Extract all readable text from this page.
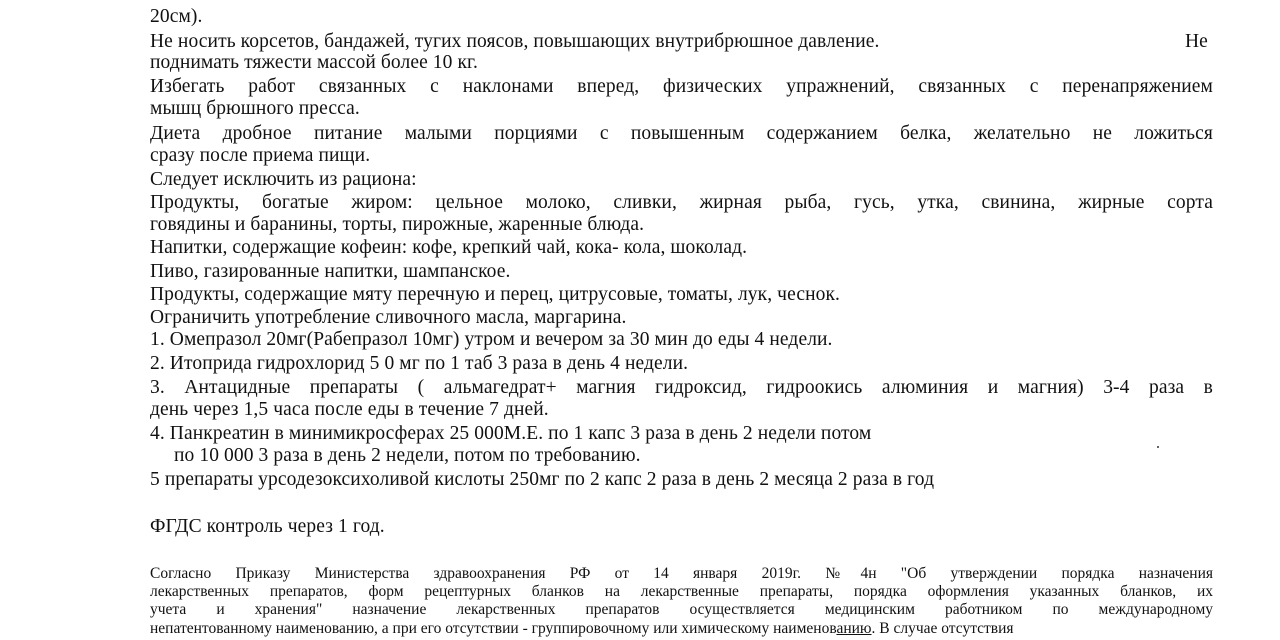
20см).
Не носить корсетов, бандажей, тугих поясов, повышающих внутрибрюшное давление.	Не
поднимать тяжести массой более 10 кг.
Избегать работ связанных с наклонами вперед, физических упражнений, связанных с перенапряжением
мышц брюшного пресса.
Диета дробное питание малыми порциями с повышенным содержанием белка, желательно не ложиться
сразу после приема пищи.
Следует исключить из рациона:
Продукты, богатые жиром: цельное молоко, сливки, жирная рыба, гусь, утка, свинина, жирные сорта
говядины и баранины, торты, пирожные, жаренные блюда.
Напитки, содержащие кофеин: кофе, крепкий чай, кока- кола, шоколад.
Пиво, газированные напитки, шампанское.
Продукты, содержащие мяту перечную и перец, цитрусовые, томаты, лук, чеснок.
Ограничить употребление сливочного масла, маргарина.
1. Омепразол 20мг(Рабепразол 10мг) утром и вечером за 30 мин до еды 4 недели.
2. Итоприда гидрохлорид 5 0 мг по 1 таб 3 раза в день 4 недели.
3. Антацидные препараты ( альмагедрат+ магния гидроксид, гидроокись алюминия и магния) 3-4 раза в
день через 1,5 часа после еды в течение 7 дней.
4. Панкреатин в минимикросферах 25 000М.Е. по 1 капс 3 раза в день 2 недели потом
по 10 000 3 раза в день 2 недели, потом по требованию.
5 препараты урсодезоксихоливой кислоты 250мг по 2 капс 2 раза в день 2 месяца 2 раза в год
ФГДС контроль через 1 год.
Согласно Приказу Министерства здравоохранения РФ от 14 января 2019г. №4н "Об утверждении порядка назначения
лекарственных препаратов, форм рецептурных бланков на лекарственные препараты, порядка оформления указанных бланков, их
учета и хранения" назначение лекарственных препаратов осуществляется медицинским работником по международному
непатентованному наименованию, а при его отсутствии - группировочному или химическому наименованию. В случае отсутствия
